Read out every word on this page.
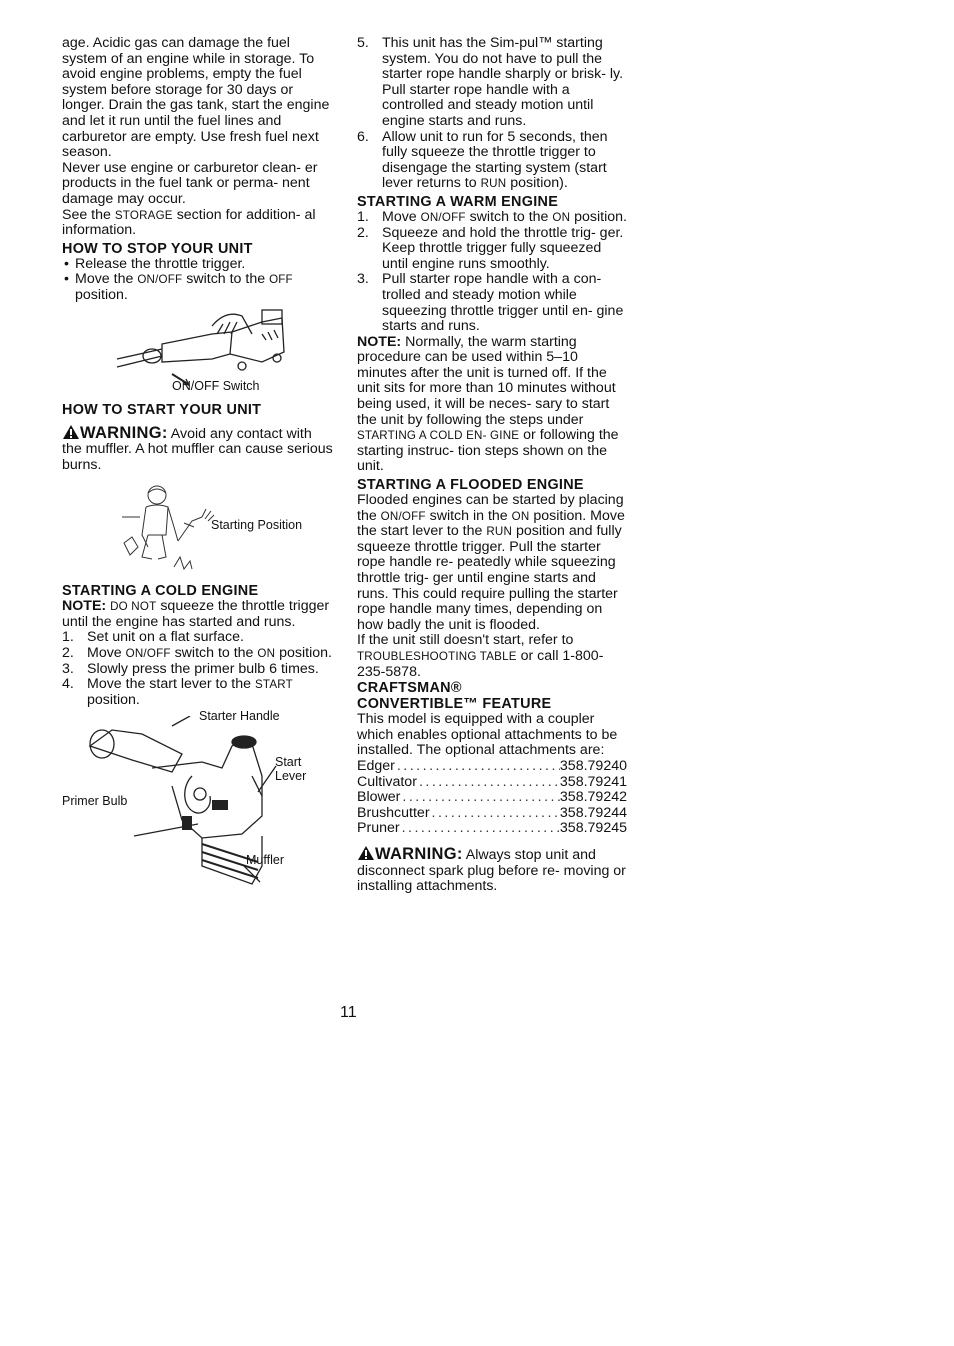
age. Acidic gas can damage the fuel system of an engine while in storage. To avoid engine problems, empty the fuel system before storage for 30 days or longer. Drain the gas tank, start the engine and let it run until the fuel lines and carburetor are empty. Use fresh fuel next season.

Never use engine or carburetor clean- er products in the fuel tank or perma- nent damage may occur.

See the STORAGE section for addition- al information.

HOW TO STOP YOUR UNIT
• Release the throttle trigger.
• Move the ON/OFF switch to the OFF position.
ON/OFF Switch
HOW TO START YOUR UNIT

WARNING: Avoid any contact with the muffler. A hot muffler can cause serious burns.

Starting Position
STARTING A COLD ENGINE

NOTE: DO NOT squeeze the throttle trigger until the engine has started and runs.

1. Set unit on a flat surface.
2. Move ON/OFF switch to the ON position.
3. Slowly press the primer bulb 6 times.
4. Move the start lever to the START position.
Starter Handle
Start
Lever
Primer Bulb
Muffler
5. This unit has the Sim-pul™ starting system. You do not have to pull the starter rope handle sharply or brisk- ly. Pull starter rope handle with a controlled and steady motion until engine starts and runs.
6. Allow unit to run for 5 seconds, then fully squeeze the throttle trigger to disengage the starting system (start lever returns to RUN position).
STARTING A WARM ENGINE
1. Move ON/OFF switch to the ON position.
2. Squeeze and hold the throttle trig- ger. Keep throttle trigger fully squeezed until engine runs smoothly.
3. Pull starter rope handle with a con- trolled and steady motion while squeezing throttle trigger until en- gine starts and runs.

NOTE: Normally, the warm starting procedure can be used within 5–10 minutes after the unit is turned off. If the unit sits for more than 10 minutes without being used, it will be neces- sary to start the unit by following the steps under STARTING A COLD EN- GINE or following the starting instruc- tion steps shown on the unit.

STARTING A FLOODED ENGINE

Flooded engines can be started by placing the ON/OFF switch in the ON position. Move the start lever to the RUN position and fully squeeze throttle trigger. Pull the starter rope handle re- peatedly while squeezing throttle trig- ger until engine starts and runs. This could require pulling the starter rope handle many times, depending on how badly the unit is flooded.

If the unit still doesn't start, refer to TROUBLESHOOTING TABLE or call 1-800-235-5878.

CRAFTSMAN®
CONVERTIBLE™ FEATURE

This model is equipped with a coupler which enables optional attachments to be installed. The optional attachments are:

Edger .....	358.79240
Cultivator .....	358.79241
Blower .....	358.79242
Brushcutter .....	358.79244
Pruner .....	358.79245

WARNING: Always stop unit and disconnect spark plug before re- moving or installing attachments.

11
